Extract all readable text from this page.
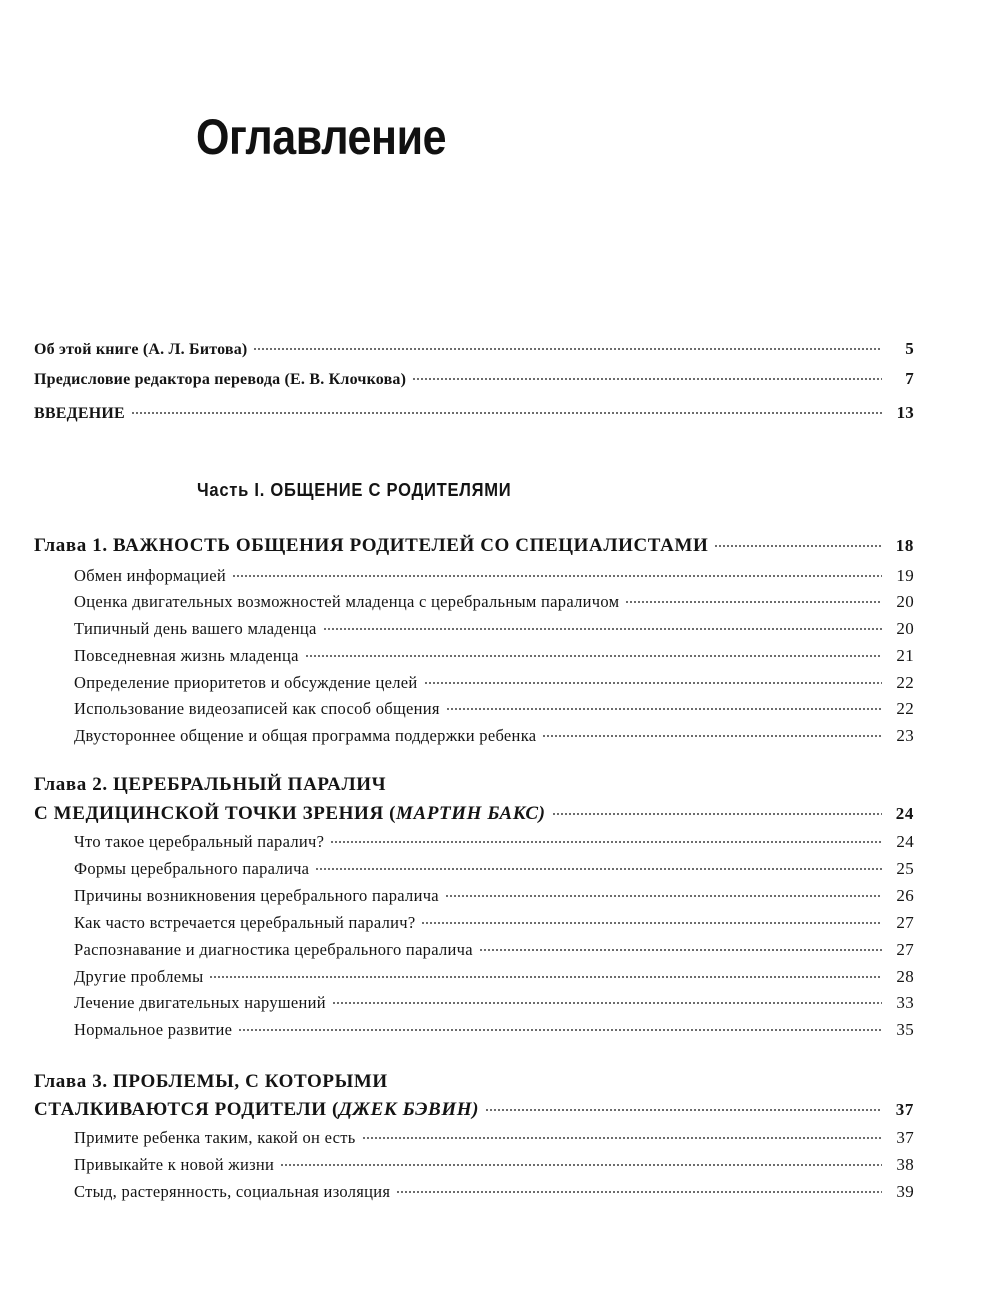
Оглавление
Об этой книге (А. Л. Битова)	5
Предисловие редактора перевода (Е. В. Клочкова)	7
ВВЕДЕНИЕ	13
Часть I. ОБЩЕНИЕ С РОДИТЕЛЯМИ
Глава 1. ВАЖНОСТЬ ОБЩЕНИЯ РОДИТЕЛЕЙ СО СПЕЦИАЛИСТАМИ	18
Обмен информацией	19
Оценка двигательных возможностей младенца с церебральным параличом	20
Типичный день вашего младенца	20
Повседневная жизнь младенца	21
Определение приоритетов и обсуждение целей	22
Использование видеозаписей как способ общения	22
Двустороннее общение и общая программа поддержки ребенка	23
Глава 2. ЦЕРЕБРАЛЬНЫЙ ПАРАЛИЧ
С МЕДИЦИНСКОЙ ТОЧКИ ЗРЕНИЯ (МАРТИН БАКС)	24
Что такое церебральный паралич?	24
Формы церебрального паралича	25
Причины возникновения церебрального паралича	26
Как часто встречается церебральный паралич?	27
Распознавание и диагностика церебрального паралича	27
Другие проблемы	28
Лечение двигательных нарушений	33
Нормальное развитие	35
Глава 3. ПРОБЛЕМЫ, С КОТОРЫМИ
СТАЛКИВАЮТСЯ РОДИТЕЛИ (ДЖЕК БЭВИН)	37
Примите ребенка таким, какой он есть	37
Привыкайте к новой жизни	38
Стыд, растерянность, социальная изоляция	39
